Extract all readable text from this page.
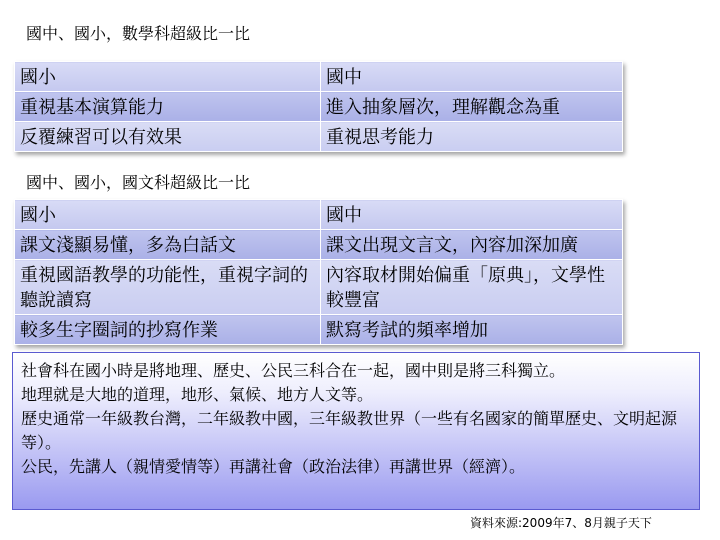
國中、國小，數學科超級比一比
國小	國中
重視基本演算能力	進入抽象層次，理解觀念為重
反覆練習可以有效果	重視思考能力
國中、國小，國文科超級比一比
國小	國中
課文淺顯易懂，多為白話文	課文出現文言文，內容加深加廣
重視國語教學的功能性，重視字詞的聽說讀寫	內容取材開始偏重「原典」，文學性較豐富
較多生字圈詞的抄寫作業	默寫考試的頻率增加

社會科在國小時是將地理、歷史、公民三科合在一起，國中則是將三科獨立。

地理就是大地的道理，地形、氣候、地方人文等。

歷史通常一年級教台灣，二年級教中國，三年級教世界（一些有名國家的簡單歷史、文明起源等）。

公民，先講人（親情愛情等）再講社會（政治法律）再講世界（經濟）。

資料來源:2009年7、8月親子天下
